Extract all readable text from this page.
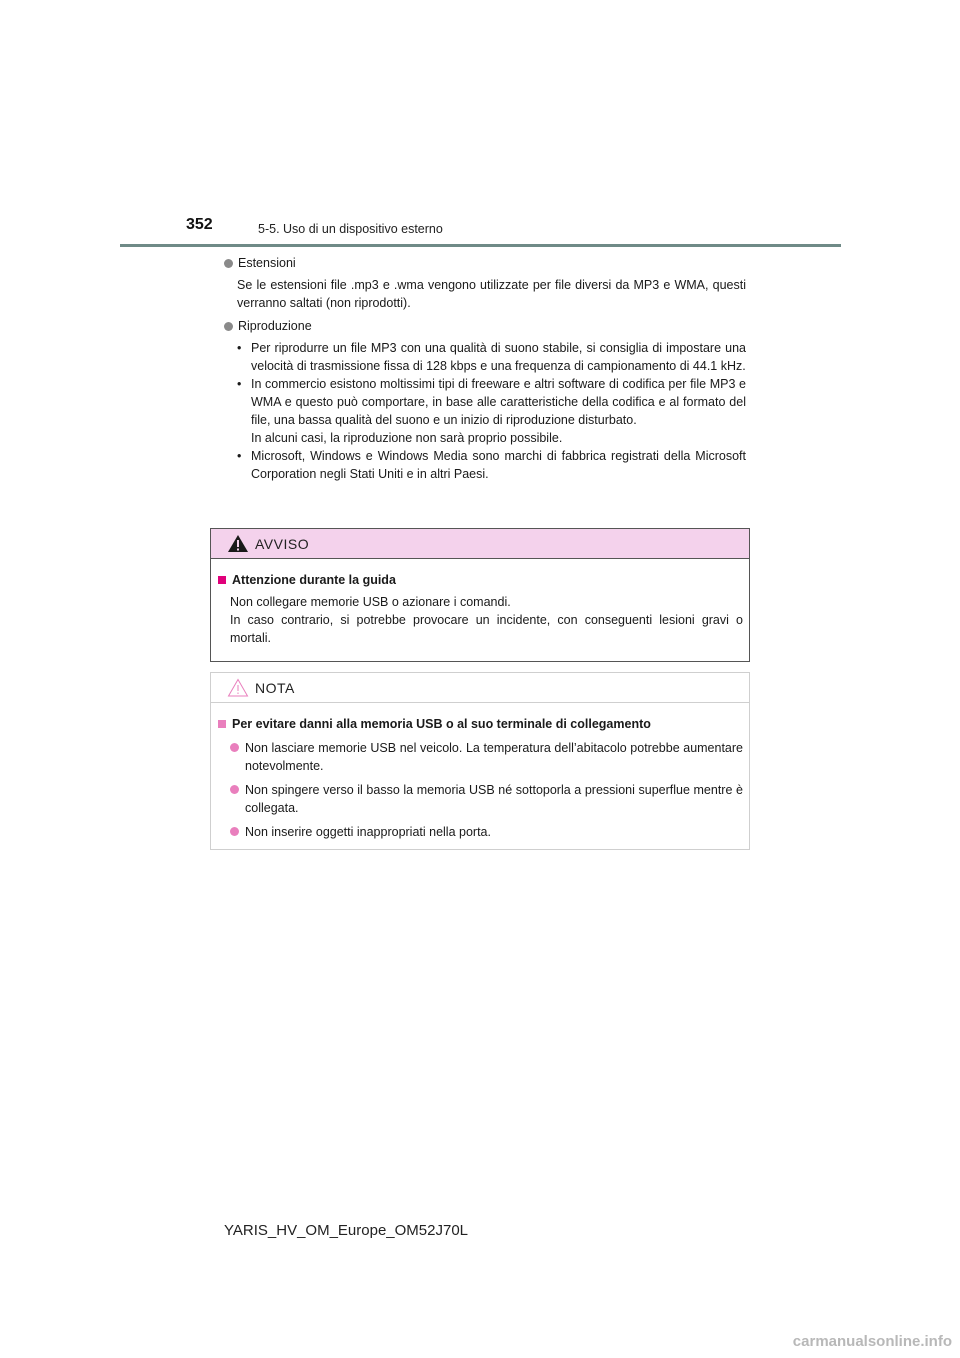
352	5-5. Uso di un dispositivo esterno
Estensioni
Se le estensioni file .mp3 e .wma vengono utilizzate per file diversi da MP3 e WMA, questi verranno saltati (non riprodotti).
Riproduzione
• Per riprodurre un file MP3 con una qualità di suono stabile, si consiglia di impostare una velocità di trasmissione fissa di 128 kbps e una frequenza di campionamento di 44.1 kHz.
• In commercio esistono moltissimi tipi di freeware e altri software di codifica per file MP3 e WMA e questo può comportare, in base alle caratteristiche della codifica e al formato del file, una bassa qualità del suono e un inizio di riproduzione disturbato.
In alcuni casi, la riproduzione non sarà proprio possibile.
• Microsoft, Windows e Windows Media sono marchi di fabbrica registrati della Microsoft Corporation negli Stati Uniti e in altri Paesi.
AVVISO
Attenzione durante la guida
Non collegare memorie USB o azionare i comandi.
In caso contrario, si potrebbe provocare un incidente, con conseguenti lesioni gravi o mortali.
NOTA
Per evitare danni alla memoria USB o al suo terminale di collegamento
Non lasciare memorie USB nel veicolo. La temperatura dell’abitacolo potrebbe aumentare notevolmente.
Non spingere verso il basso la memoria USB né sottoporla a pressioni superflue mentre è collegata.
Non inserire oggetti inappropriati nella porta.
YARIS_HV_OM_Europe_OM52J70L
carmanualsonline.info
